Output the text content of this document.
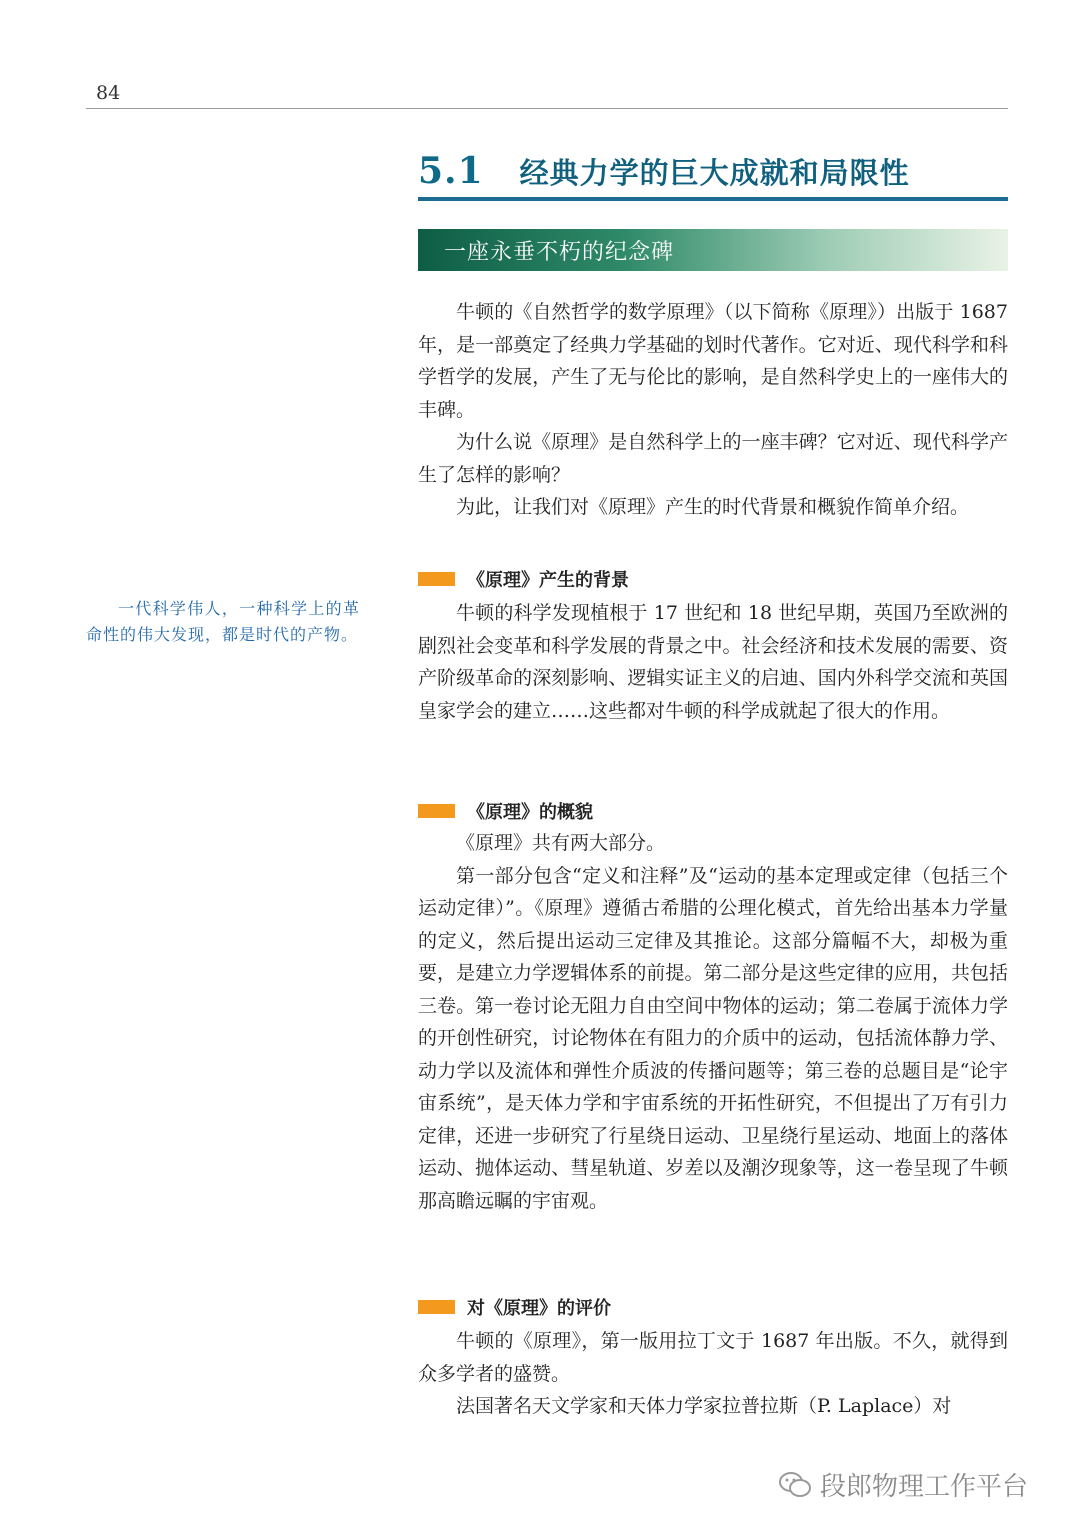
84
5.1 经典力学的巨大成就和局限性
一座永垂不朽的纪念碑

牛顿的《自然哲学的数学原理》（以下简称《原理》）出版于 1687 年，是一部奠定了经典力学基础的划时代著作。它对近、现代科学和科学哲学的发展，产生了无与伦比的影响，是自然科学史上的一座伟大的丰碑。

为什么说《原理》是自然科学上的一座丰碑？它对近、现代科学产生了怎样的影响？

为此，让我们对《原理》产生的时代背景和概貌作简单介绍。

《原理》产生的背景

牛顿的科学发现植根于 17 世纪和 18 世纪早期，英国乃至欧洲的剧烈社会变革和科学发展的背景之中。社会经济和技术发展的需要、资产阶级革命的深刻影响、逻辑实证主义的启迪、国内外科学交流和英国皇家学会的建立……这些都对牛顿的科学成就起了很大的作用。

一代科学伟人，一种科学上的革命性的伟大发现，都是时代的产物。
《原理》的概貌

《原理》共有两大部分。

第一部分包含“定义和注释”及“运动的基本定理或定律（包括三个运动定律）”。《原理》遵循古希腊的公理化模式，首先给出基本力学量的定义，然后提出运动三定律及其推论。这部分篇幅不大，却极为重要，是建立力学逻辑体系的前提。第二部分是这些定律的应用，共包括三卷。第一卷讨论无阻力自由空间中物体的运动；第二卷属于流体力学的开创性研究，讨论物体在有阻力的介质中的运动，包括流体静力学、动力学以及流体和弹性介质波的传播问题等；第三卷的总题目是“论宇宙系统”，是天体力学和宇宙系统的开拓性研究，不但提出了万有引力定律，还进一步研究了行星绕日运动、卫星绕行星运动、地面上的落体运动、抛体运动、彗星轨道、岁差以及潮汐现象等，这一卷呈现了牛顿那高瞻远瞩的宇宙观。

对《原理》的评价

牛顿的《原理》，第一版用拉丁文于 1687 年出版。不久，就得到众多学者的盛赞。

法国著名天文学家和天体力学家拉普拉斯（P. Laplace）对

段郎物理工作平台
